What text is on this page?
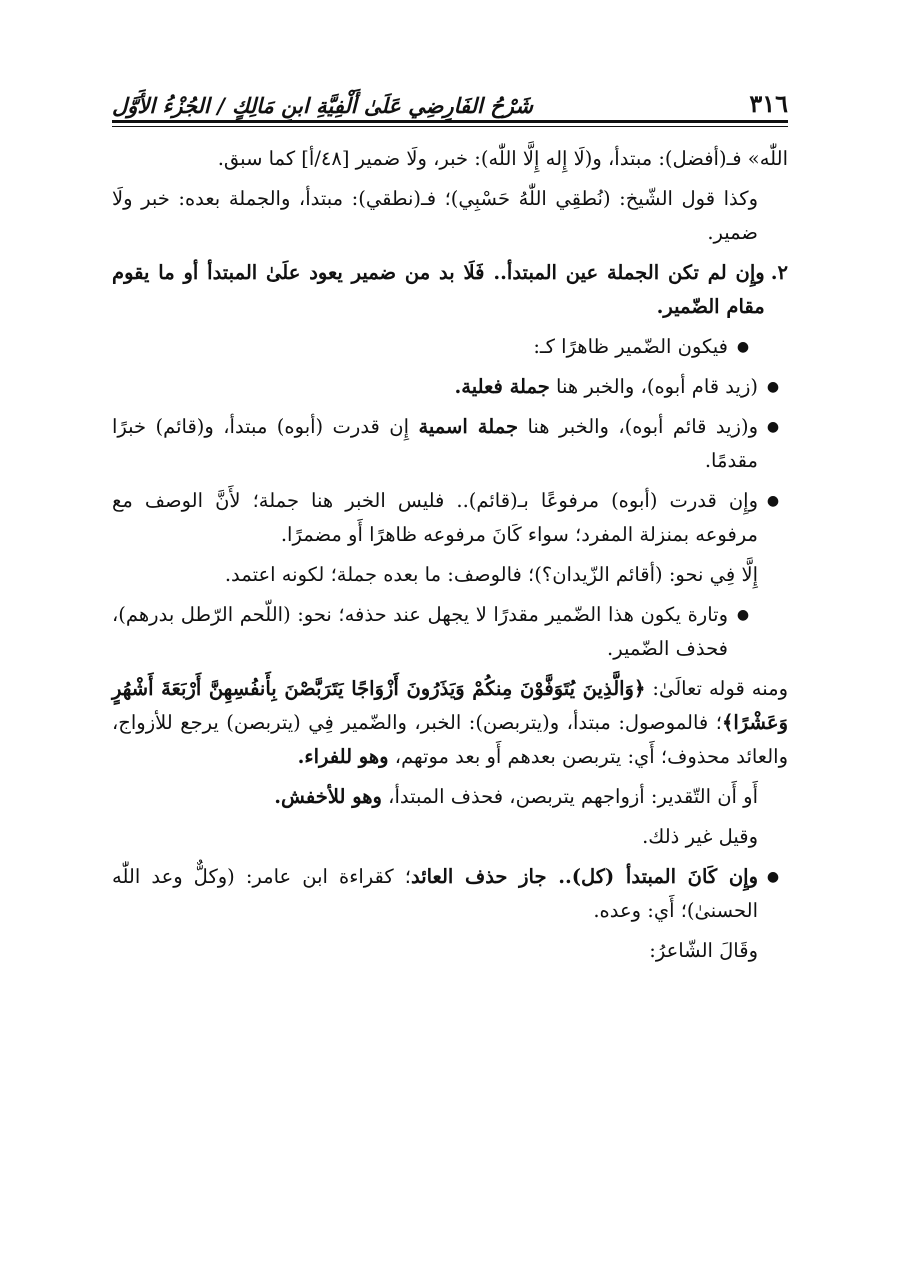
٣١٦
شَرْحُ الفَارِضِي عَلَىٰ أَلْفِيَّةِ ابنِ مَالِكٍ / الجُزْءُ الأَوَّل

اللّٰه» فـ(أفضل): مبتدأ، و(لَا إِله إِلَّا اللّٰه): خبر، ولَا ضمير [٤٨/أ] كما سبق.

وكذا قول الشّيخ: (نُطقِي اللّٰهُ حَسْبِي)؛ فـ(نطقي): مبتدأ، والجملة بعده: خبر ولَا ضمير.

٢.
وإِن لم تكن الجملة عين المبتدأ.. فَلَا بد من ضمير يعود علَىٰ المبتدأ أو ما يقوم مقام الضّمير.
●
فيكون الضّمير ظاهرًا كـ:
●
(زيد قام أبوه)، والخبر هنا جملة فعلية.
●
و(زيد قائم أبوه)، والخبر هنا جملة اسمية إِن قدرت (أبوه) مبتدأ، و(قائم) خبرًا مقدمًا.
●
وإِن قدرت (أبوه) مرفوعًا بـ(قائم).. فليس الخبر هنا جملة؛ لأَنَّ الوصف مع مرفوعه بمنزلة المفرد؛ سواء كَانَ مرفوعه ظاهرًا أَو مضمرًا.

إِلَّا فِي نحو: (أقائم الزّيدان؟)؛ فالوصف: ما بعده جملة؛ لكونه اعتمد.

●
وتارة يكون هذا الضّمير مقدرًا لا يجهل عند حذفه؛ نحو: (اللّحم الرّطل بدرهم)، فحذف الضّمير.

ومنه قوله تعالَىٰ: ﴿وَالَّذِينَ يُتَوَفَّوْنَ مِنكُمْ وَيَذَرُونَ أَزْوَاجًا يَتَرَبَّصْنَ بِأَنفُسِهِنَّ أَرْبَعَةَ أَشْهُرٍ وَعَشْرًا﴾؛ فالموصول: مبتدأ، و(يتربصن): الخبر، والضّمير فِي (يتربصن) يرجع للأزواج، والعائد محذوف؛ أَي: يتربصن بعدهم أَو بعد موتهم، وهو للفراء.

أَو أَن التّقدير: أزواجهم يتربصن، فحذف المبتدأ، وهو للأخفش.

وقيل غير ذلك.

●
وإِن كَانَ المبتدأ (كل).. جاز حذف العائد؛ كقراءة ابن عامر: (وكلٌّ وعد اللّٰه الحسنىٰ)؛ أَي: وعده.

وقَالَ الشّاعرُ:
